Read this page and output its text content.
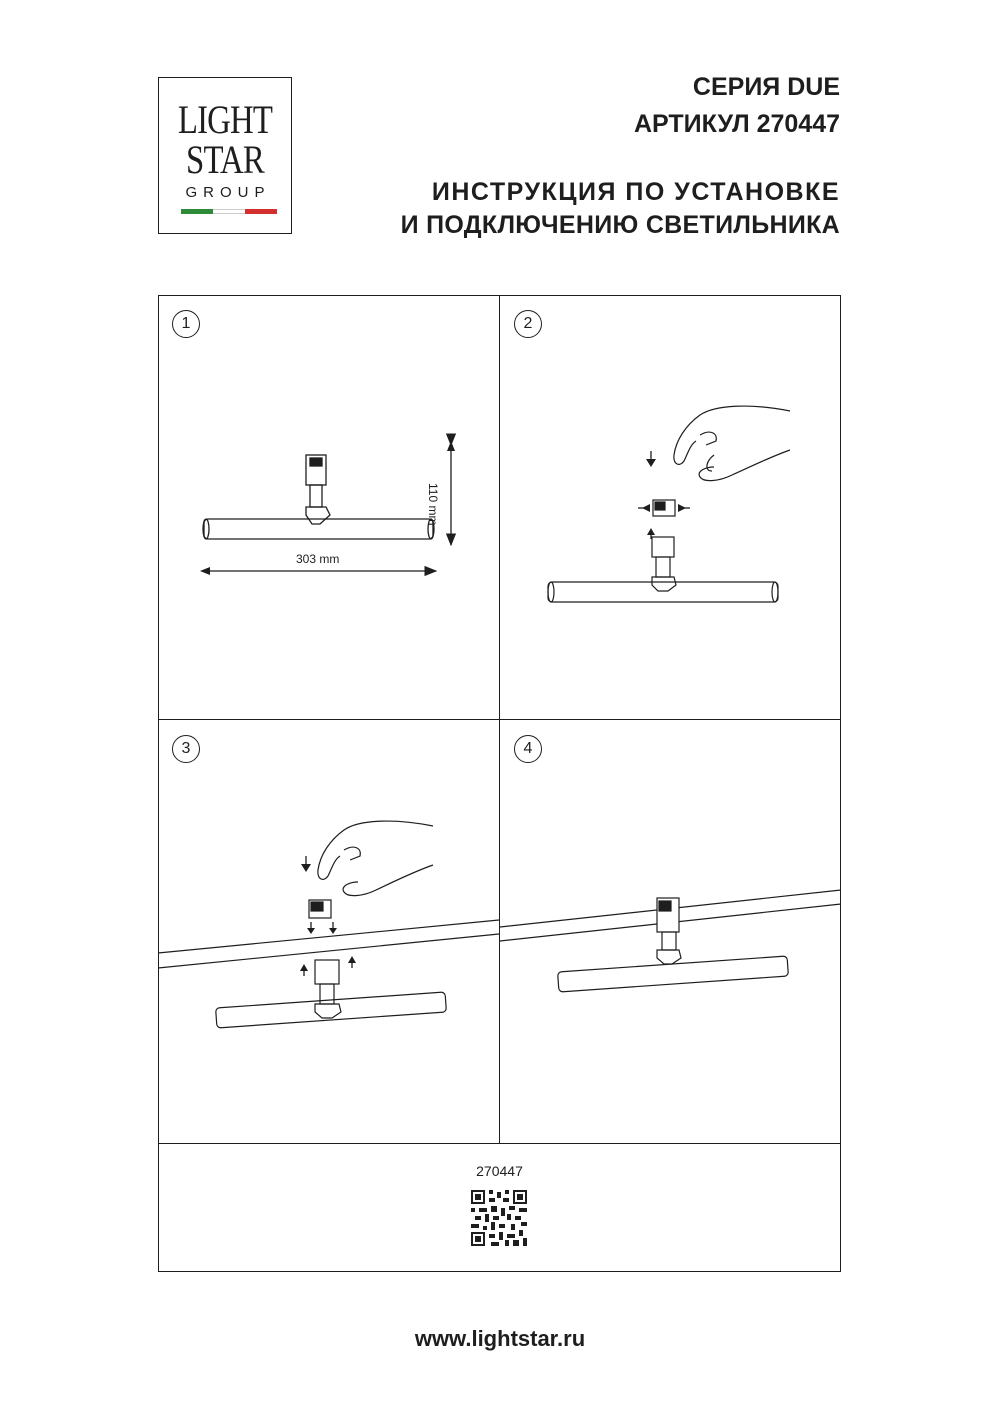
LIGHT
STAR
GROUP
СЕРИЯ DUE
АРТИКУЛ 270447
ИНСТРУКЦИЯ ПО УСТАНОВКЕ
И ПОДКЛЮЧЕНИЮ СВЕТИЛЬНИКА
1	2
3	4
110 mm
303 mm
270447
www.lightstar.ru
